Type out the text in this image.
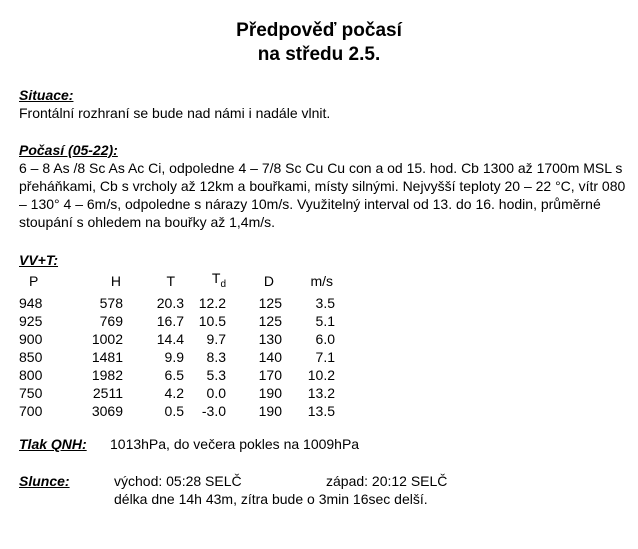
Předpověď počasí
na středu 2.5.
Situace:
Frontální rozhraní se bude nad námi i nadále vlnit.
Počasí (05-22):
6 – 8 As /8 Sc As Ac Ci, odpoledne 4 – 7/8 Sc Cu Cu con a od 15. hod. Cb 1300 až 1700m MSL s přeháňkami, Cb s vrcholy až 12km a bouřkami, místy silnými. Nejvyšší teploty 20 – 22 °C, vítr 080 – 130° 4 – 6m/s, odpoledne s nárazy 10m/s. Využitelný interval od 13. do 16. hodin, průměrné stoupání s ohledem na bouřky až 1,4m/s.
VV+T:
P	H	T	$T_d$	D	m/s
948	578	20.3	12.2	125	3.5
925	769	16.7	10.5	125	5.1
900	1002	14.4	9.7	130	6.0
850	1481	9.9	8.3	140	7.1
800	1982	6.5	5.3	170	10.2
750	2511	4.2	0.0	190	13.2
700	3069	0.5	-3.0	190	13.5
Tlak QNH: 1013hPa, do večera pokles na 1009hPa
Slunce:	východ: 05:28 SELČ	západ: 20:12 SELČ
délka dne 14h 43m, zítra bude o 3min 16sec delší.
